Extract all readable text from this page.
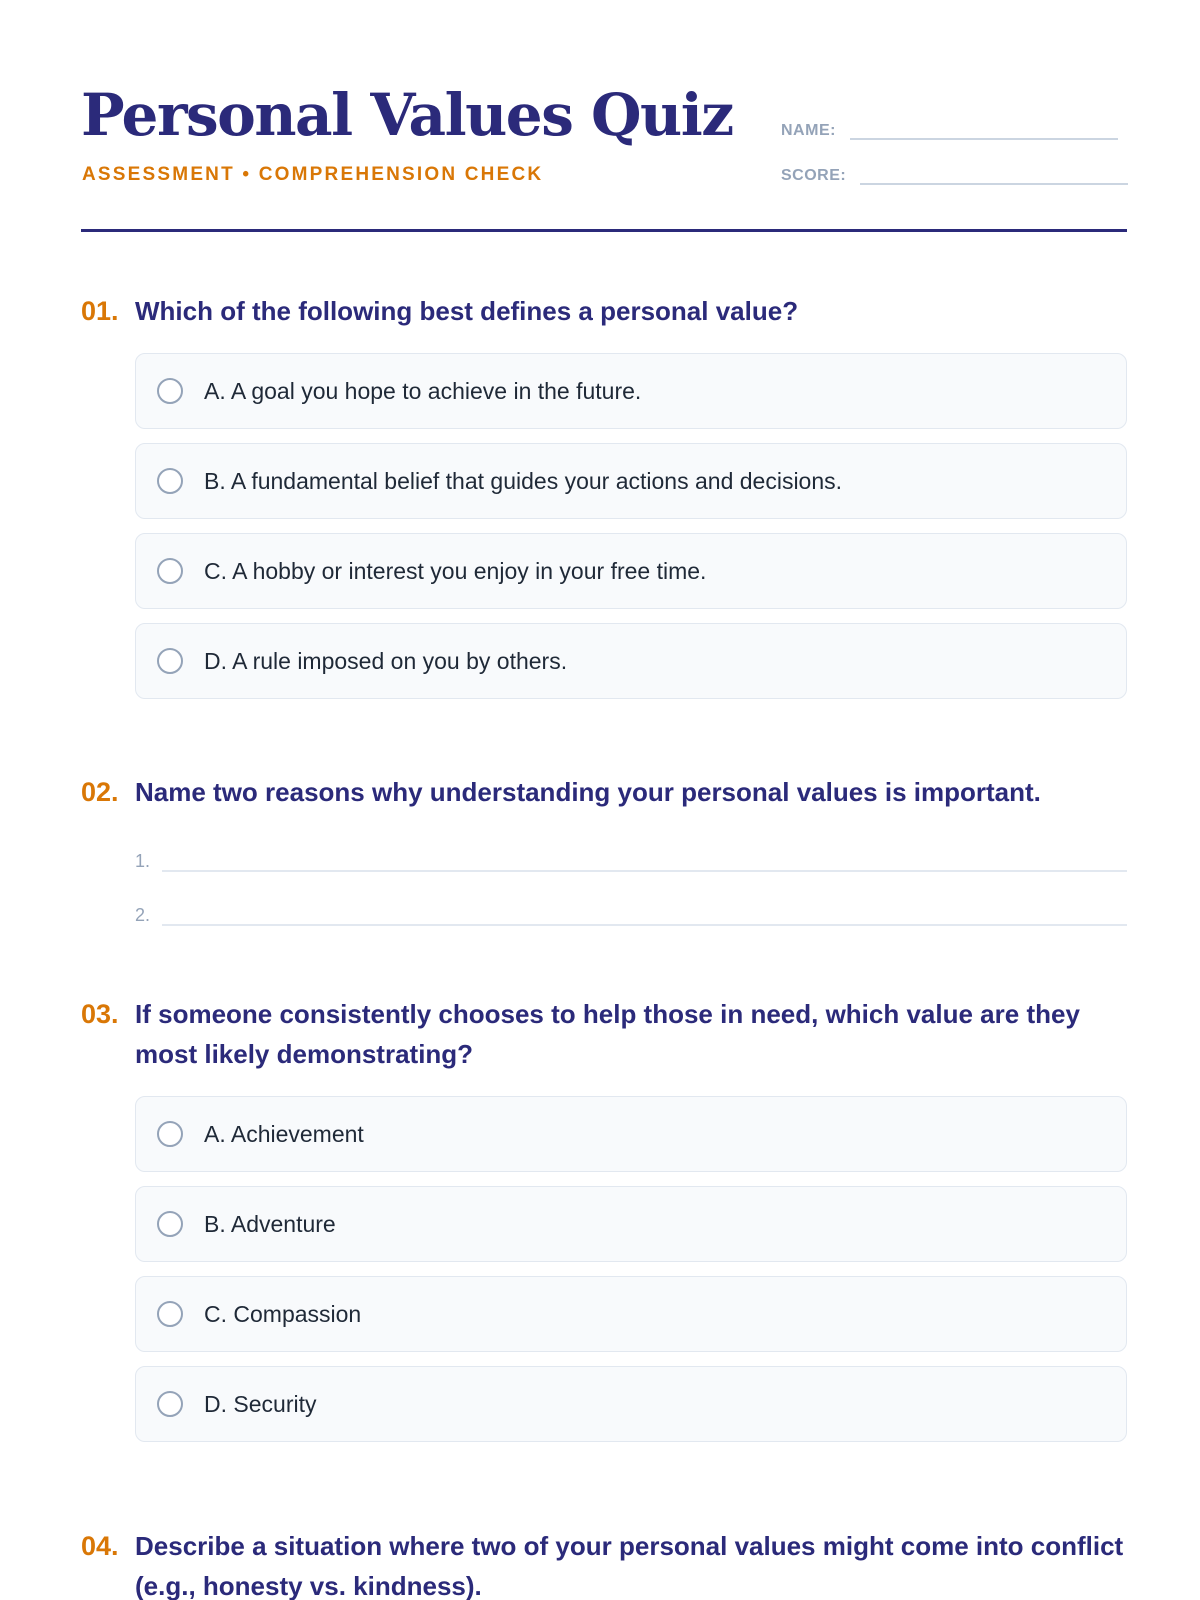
Personal Values Quiz
ASSESSMENT • COMPREHENSION CHECK
NAME:
SCORE:
01. Which of the following best defines a personal value?
A. A goal you hope to achieve in the future.
B. A fundamental belief that guides your actions and decisions.
C. A hobby or interest you enjoy in your free time.
D. A rule imposed on you by others.
02. Name two reasons why understanding your personal values is important.
1.
2.
03. If someone consistently chooses to help those in need, which value are they most likely demonstrating?
A. Achievement
B. Adventure
C. Compassion
D. Security
04. Describe a situation where two of your personal values might come into conflict (e.g., honesty vs. kindness).
